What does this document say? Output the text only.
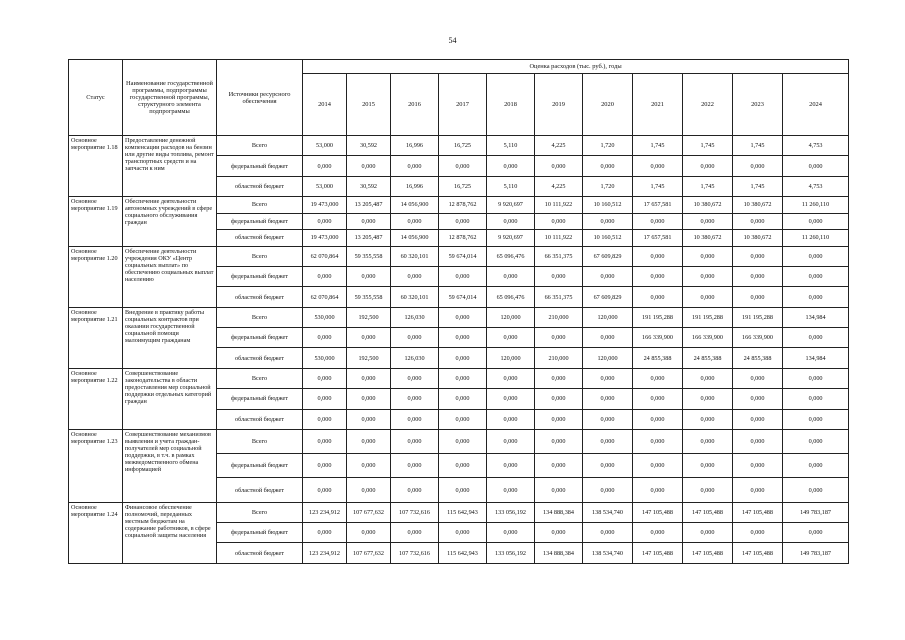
54
Статус	Наименование государственной программы, подпрограммы государственной программы, структурного элемента подпрограммы	Источники ресурсного обеспечения	Оценка расходов (тыс. руб.), годы										
			2014	2015	2016	2017	2018	2019	2020	2021	2022	2023	2024
Основное мероприятие 1.18	Предоставление денежной компенсации расходов на бензин или другие виды топлива, ремонт транспортных средств и на запчасти к ним	Всего	53,000	30,592	16,996	16,725	5,110	4,225	1,720	1,745	1,745	1,745	4,753
		федеральный бюджет	0,000	0,000	0,000	0,000	0,000	0,000	0,000	0,000	0,000	0,000	0,000
		областной бюджет	53,000	30,592	16,996	16,725	5,110	4,225	1,720	1,745	1,745	1,745	4,753
Основное мероприятие 1.19	Обеспечение деятельности автономных учреждений в сфере социального обслуживания граждан	Всего	19 473,000	13 205,487	14 056,900	12 878,762	9 920,697	10 111,922	10 160,512	17 657,581	10 380,672	10 380,672	11 260,110
		федеральный бюджет	0,000	0,000	0,000	0,000	0,000	0,000	0,000	0,000	0,000	0,000	0,000
		областной бюджет	19 473,000	13 205,487	14 056,900	12 878,762	9 920,697	10 111,922	10 160,512	17 657,581	10 380,672	10 380,672	11 260,110
Основное мероприятие 1.20	Обеспечение деятельности учреждения ОКУ «Центр социальных выплат» по обеспечению социальных выплат населению	Всего	62 070,864	59 355,558	60 320,101	59 674,014	65 096,476	66 351,375	67 609,829	0,000	0,000	0,000	0,000
		федеральный бюджет	0,000	0,000	0,000	0,000	0,000	0,000	0,000	0,000	0,000	0,000	0,000
		областной бюджет	62 070,864	59 355,558	60 320,101	59 674,014	65 096,476	66 351,375	67 609,829	0,000	0,000	0,000	0,000
Основное мероприятие 1.21	Внедрение в практику работы социальных контрактов при оказании государственной социальной помощи малоимущим гражданам	Всего	530,000	192,500	126,030	0,000	120,000	210,000	120,000	191 195,288	191 195,288	191 195,288	134,984
		федеральный бюджет	0,000	0,000	0,000	0,000	0,000	0,000	0,000	166 339,900	166 339,900	166 339,900	0,000
		областной бюджет	530,000	192,500	126,030	0,000	120,000	210,000	120,000	24 855,388	24 855,388	24 855,388	134,984
Основное мероприятие 1.22	Совершенствование законодательства в области предоставления мер социальной поддержки отдельных категорий граждан	Всего	0,000	0,000	0,000	0,000	0,000	0,000	0,000	0,000	0,000	0,000	0,000
		федеральный бюджет	0,000	0,000	0,000	0,000	0,000	0,000	0,000	0,000	0,000	0,000	0,000
		областной бюджет	0,000	0,000	0,000	0,000	0,000	0,000	0,000	0,000	0,000	0,000	0,000
Основное мероприятие 1.23	Совершенствование механизмов выявления и учета граждан-получателей мер социальной поддержки, в т.ч. в рамках межведомственного обмена информацией	Всего	0,000	0,000	0,000	0,000	0,000	0,000	0,000	0,000	0,000	0,000	0,000
		федеральный бюджет	0,000	0,000	0,000	0,000	0,000	0,000	0,000	0,000	0,000	0,000	0,000
		областной бюджет	0,000	0,000	0,000	0,000	0,000	0,000	0,000	0,000	0,000	0,000	0,000
Основное мероприятие 1.24	Финансовое обеспечение полномочий, переданных местным бюджетам на содержание работников, в сфере социальной защиты населения	Всего	123 234,912	107 677,632	107 732,616	115 642,943	133 056,192	134 888,384	138 534,740	147 105,488	147 105,488	147 105,488	149 783,187
		федеральный бюджет	0,000	0,000	0,000	0,000	0,000	0,000	0,000	0,000	0,000	0,000	0,000
		областной бюджет	123 234,912	107 677,632	107 732,616	115 642,943	133 056,192	134 888,384	138 534,740	147 105,488	147 105,488	147 105,488	149 783,187
